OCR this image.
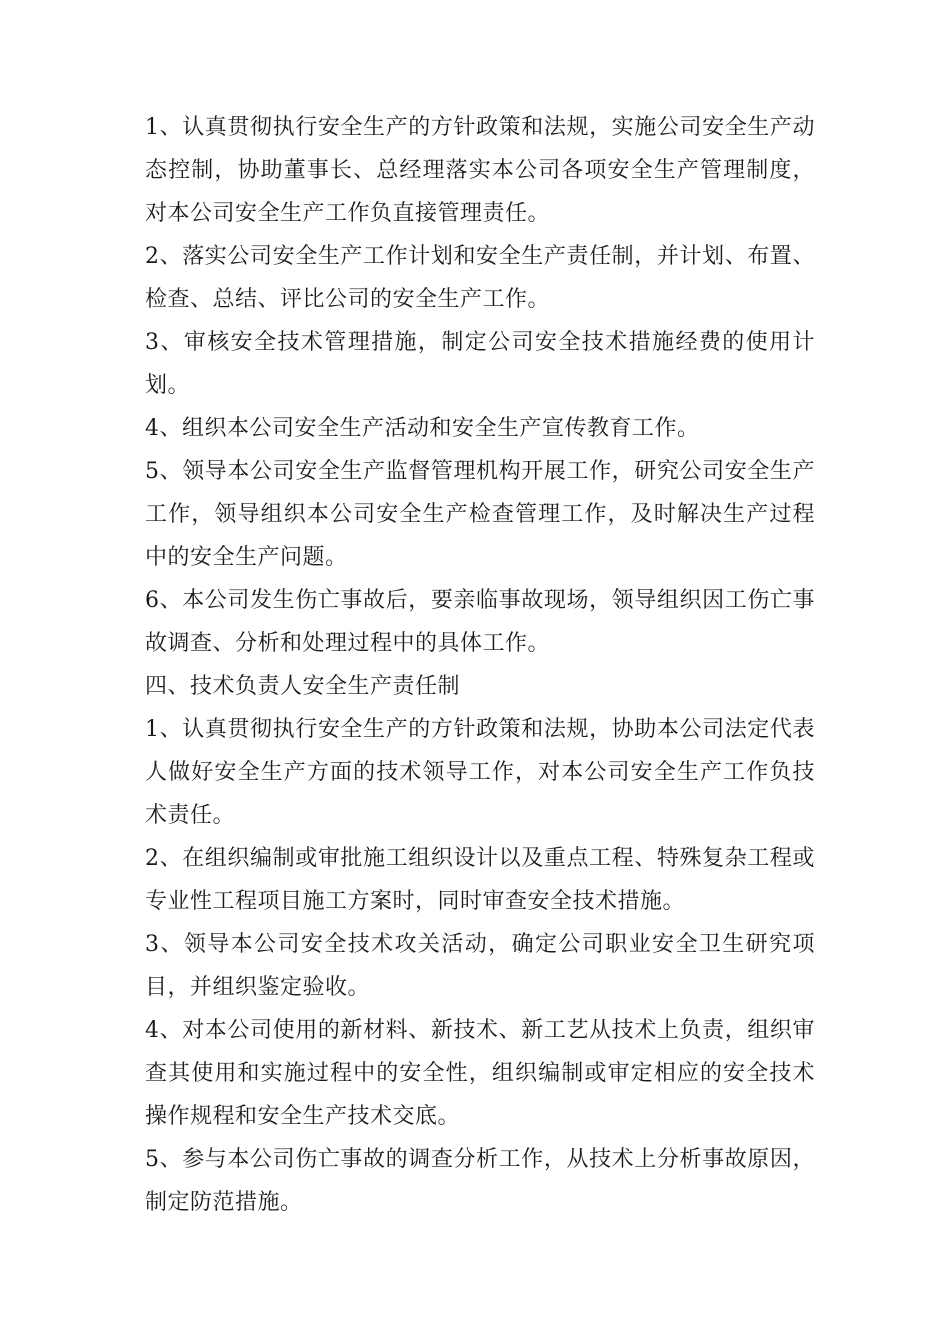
1、认真贯彻执行安全生产的方针政策和法规，实施公司安全生产动态控制，协助董事长、总经理落实本公司各项安全生产管理制度，对本公司安全生产工作负直接管理责任。

2、落实公司安全生产工作计划和安全生产责任制，并计划、布置、检查、总结、评比公司的安全生产工作。

3、审核安全技术管理措施，制定公司安全技术措施经费的使用计划。

4、组织本公司安全生产活动和安全生产宣传教育工作。

5、领导本公司安全生产监督管理机构开展工作，研究公司安全生产工作，领导组织本公司安全生产检查管理工作，及时解决生产过程中的安全生产问题。

6、本公司发生伤亡事故后，要亲临事故现场，领导组织因工伤亡事故调查、分析和处理过程中的具体工作。

四、技术负责人安全生产责任制

1、认真贯彻执行安全生产的方针政策和法规，协助本公司法定代表人做好安全生产方面的技术领导工作，对本公司安全生产工作负技术责任。

2、在组织编制或审批施工组织设计以及重点工程、特殊复杂工程或专业性工程项目施工方案时，同时审查安全技术措施。

3、领导本公司安全技术攻关活动，确定公司职业安全卫生研究项目，并组织鉴定验收。

4、对本公司使用的新材料、新技术、新工艺从技术上负责，组织审查其使用和实施过程中的安全性，组织编制或审定相应的安全技术操作规程和安全生产技术交底。

5、参与本公司伤亡事故的调查分析工作，从技术上分析事故原因，制定防范措施。
